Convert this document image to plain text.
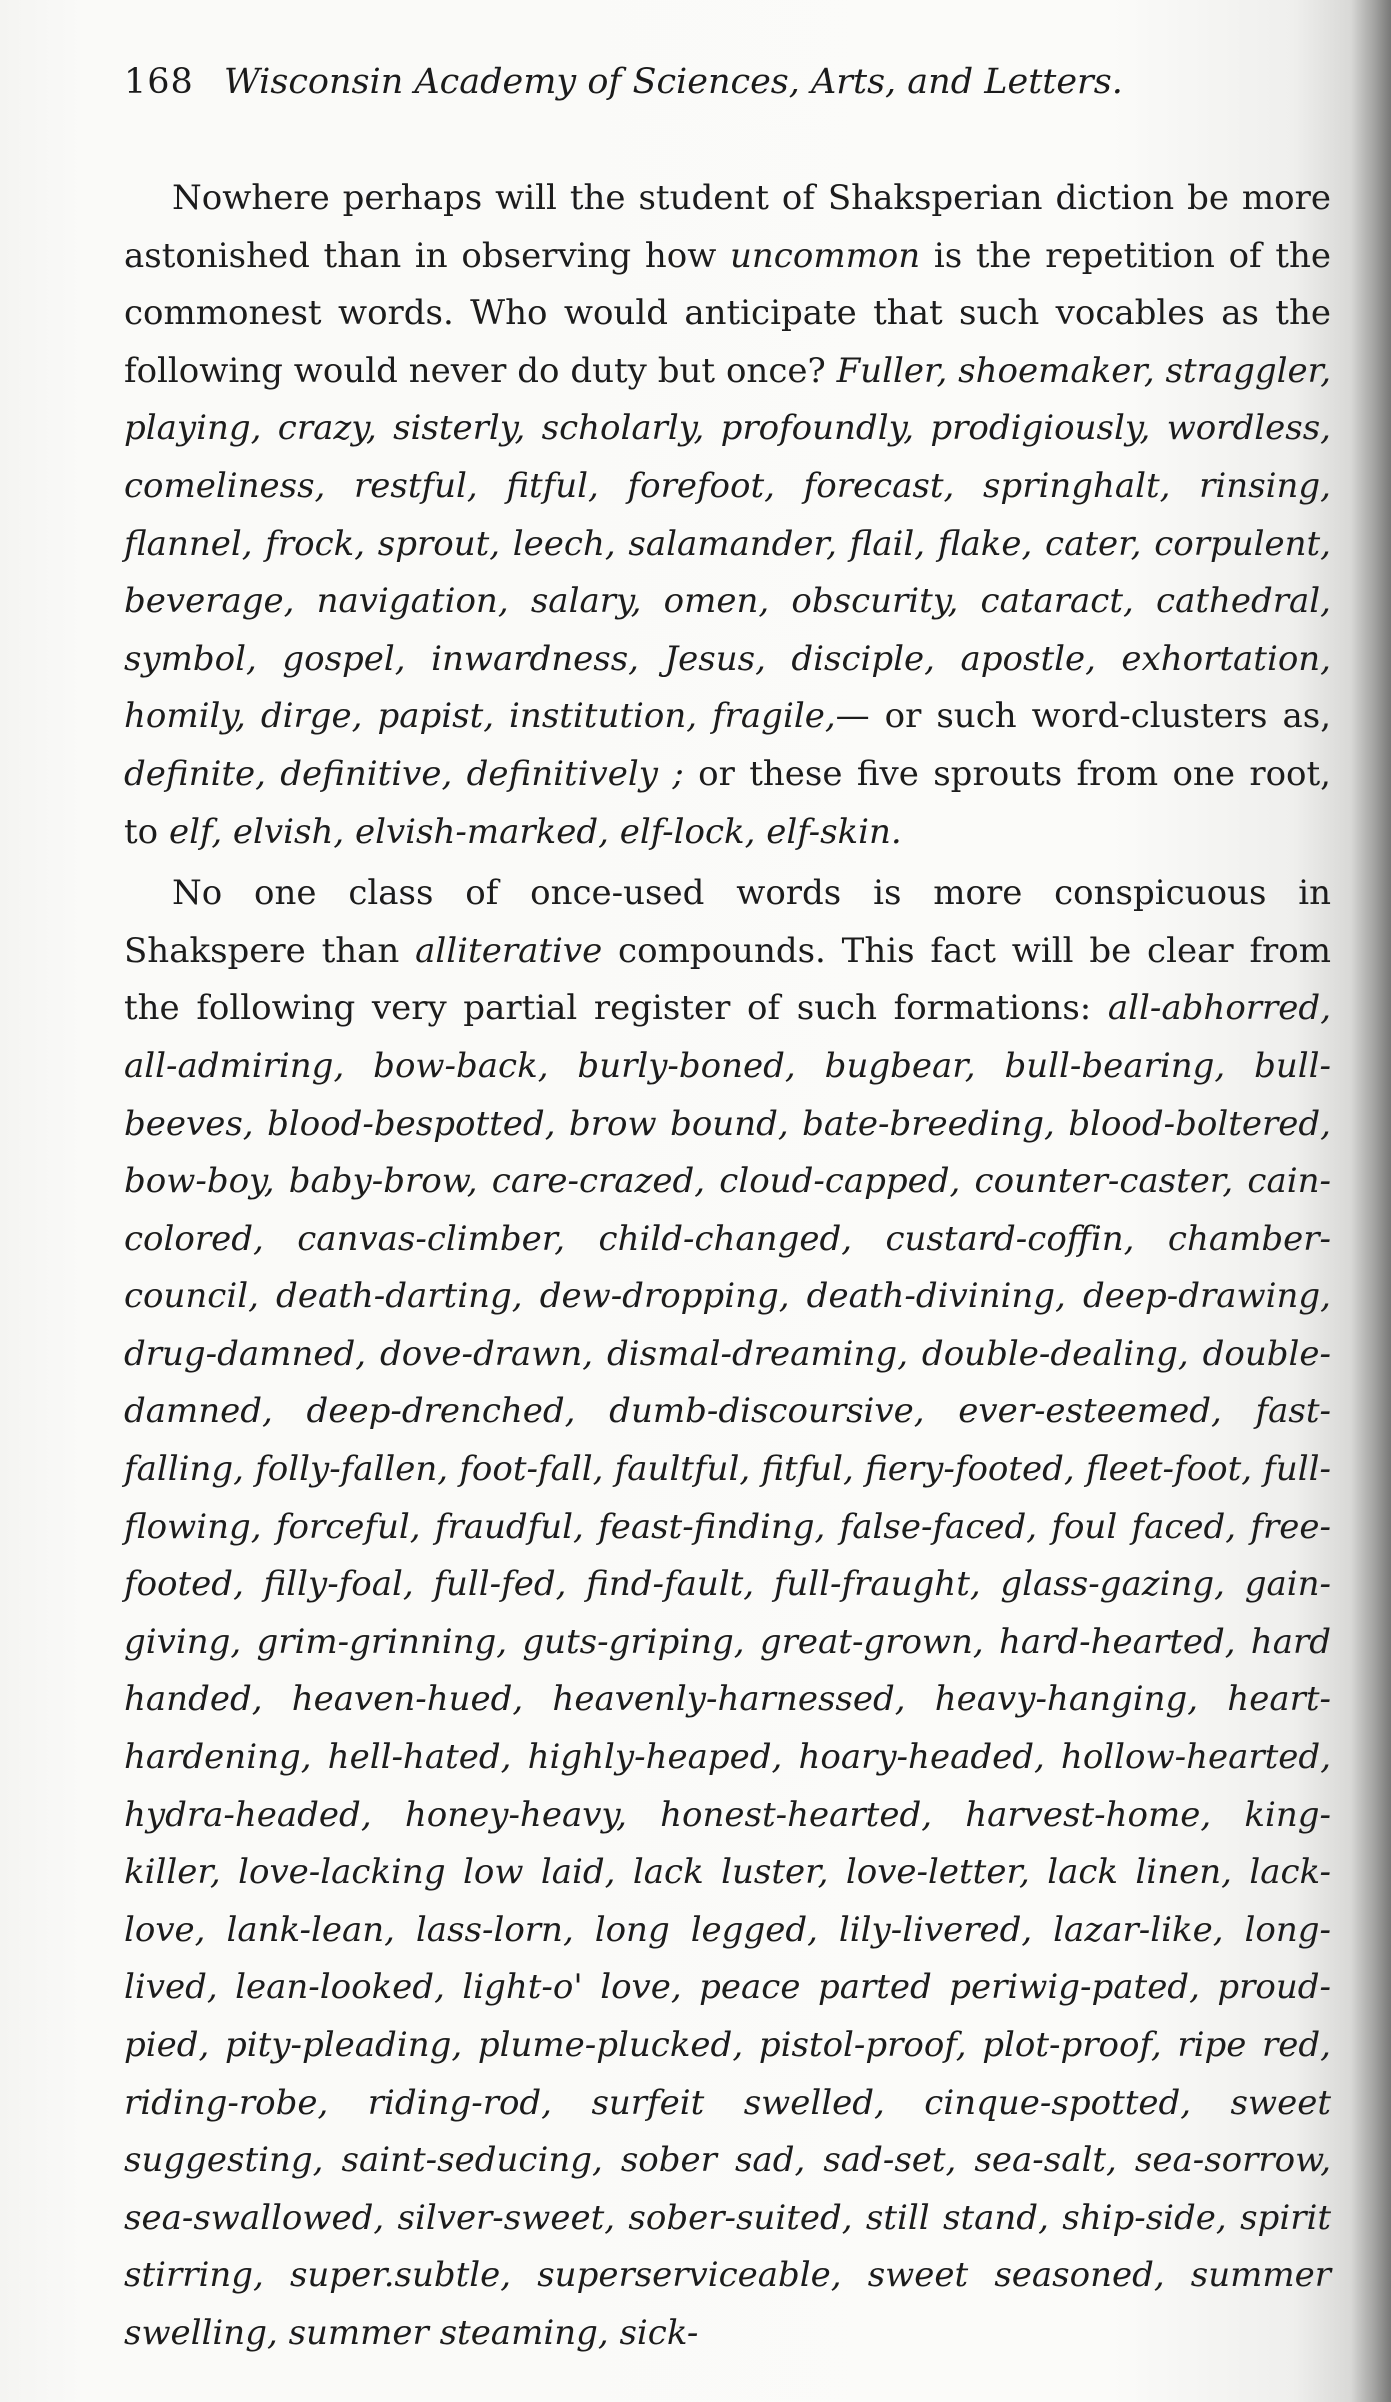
168 Wisconsin Academy of Sciences, Arts, and Letters.

Nowhere perhaps will the student of Shaksperian diction be more astonished than in observing how uncommon is the repetition of the commonest words. Who would anticipate that such vocables as the following would never do duty but once? Fuller, shoemaker, straggler, playing, crazy, sisterly, scholarly, profoundly, prodigiously, wordless, comeliness, restful, fitful, forefoot, forecast, springhalt, rinsing, flannel, frock, sprout, leech, salamander, flail, flake, cater, corpulent, beverage, navigation, salary, omen, obscurity, cataract, cathedral, symbol, gospel, inwardness, Jesus, disciple, apostle, exhortation, homily, dirge, papist, institution, fragile,— or such word-clusters as, definite, definitive, definitively ; or these five sprouts from one root, to elf, elvish, elvish-marked, elf-lock, elf-skin.

No one class of once-used words is more conspicuous in Shakspere than alliterative compounds. This fact will be clear from the following very partial register of such formations: all-abhorred, all-admiring, bow-back, burly-boned, bugbear, bull-bearing, bull-beeves, blood-bespotted, brow bound, bate-breeding, blood-boltered, bow-boy, baby-brow, care-crazed, cloud-capped, counter-caster, cain-colored, canvas-climber, child-changed, custard-coffin, chamber-council, death-darting, dew-dropping, death-divining, deep-drawing, drug-damned, dove-drawn, dismal-dreaming, double-dealing, double-damned, deep-drenched, dumb-discoursive, ever-esteemed, fast-falling, folly-fallen, foot-fall, faultful, fitful, fiery-footed, fleet-foot, full-flowing, forceful, fraudful, feast-finding, false-faced, foul faced, free-footed, filly-foal, full-fed, find-fault, full-fraught, glass-gazing, gain-giving, grim-grinning, guts-griping, great-grown, hard-hearted, hard handed, heaven-hued, heavenly-harnessed, heavy-hanging, heart-hardening, hell-hated, highly-heaped, hoary-headed, hollow-hearted, hydra-headed, honey-heavy, honest-hearted, harvest-home, king-killer, love-lacking low laid, lack luster, love-letter, lack linen, lack-love, lank-lean, lass-lorn, long legged, lily-livered, lazar-like, long-lived, lean-looked, light-o' love, peace parted periwig-pated, proud-pied, pity-pleading, plume-plucked, pistol-proof, plot-proof, ripe red, riding-robe, riding-rod, surfeit swelled, cinque-spotted, sweet suggesting, saint-seducing, sober sad, sad-set, sea-salt, sea-sorrow, sea-swallowed, silver-sweet, sober-suited, still stand, ship-side, spirit stirring, super.subtle, superserviceable, sweet seasoned, summer swelling, summer steaming, sick-
